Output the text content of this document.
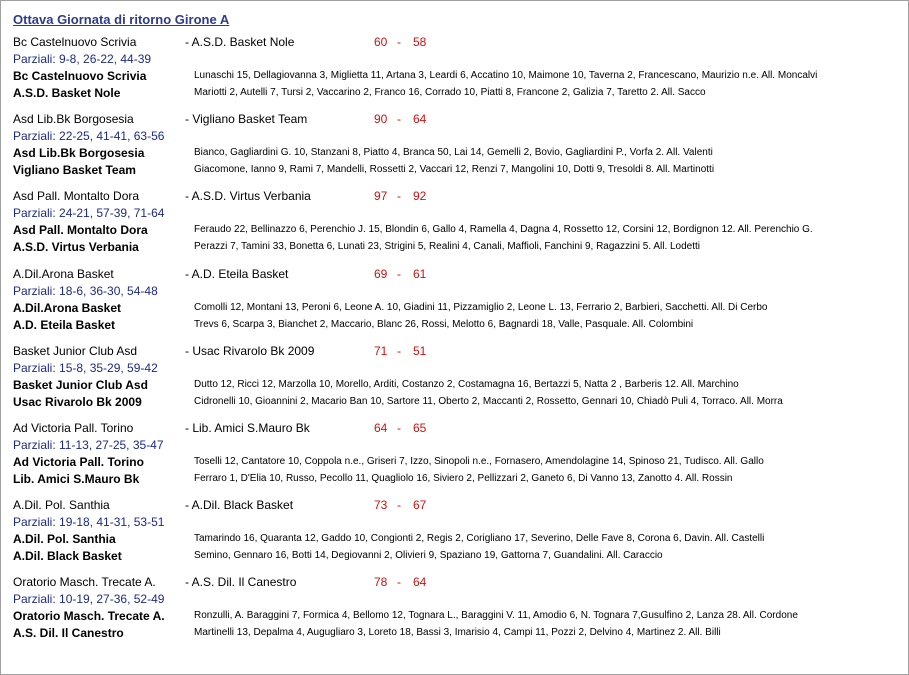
Ottava Giornata di ritorno Girone A
Bc Castelnuovo Scrivia	- A.S.D. Basket Nole	60 - 58
Parziali: 9-8, 26-22, 44-39
Bc Castelnuovo Scrivia	Lunaschi 15, Dellagiovanna 3, Miglietta 11, Artana 3, Leardi 6, Accatino 10, Maimone 10, Taverna 2, Francescano, Maurizio n.e. All. Moncalvi
A.S.D. Basket Nole	Mariotti 2, Autelli 7, Tursi 2, Vaccarino 2, Franco 16, Corrado 10, Piatti 8, Francone 2, Galizia 7, Taretto 2. All. Sacco
Asd Lib.Bk Borgosesia	- Vigliano Basket Team	90 - 64
Parziali: 22-25, 41-41, 63-56
Asd Lib.Bk Borgosesia	Bianco, Gagliardini G. 10, Stanzani 8, Piatto 4, Branca 50, Lai 14, Gemelli 2, Bovio, Gagliardini P., Vorfa 2. All. Valenti
Vigliano Basket Team	Giacomone, Ianno 9, Rami 7, Mandelli, Rossetti 2, Vaccari 12, Renzi 7, Mangolini 10, Dotti 9, Tresoldi 8. All. Martinotti
Asd Pall. Montalto Dora	- A.S.D. Virtus Verbania	97 - 92
Parziali: 24-21, 57-39, 71-64
Asd Pall. Montalto Dora	Feraudo 22, Bellinazzo 6, Perenchio J. 15, Blondin 6, Gallo 4, Ramella 4, Dagna 4, Rossetto 12, Corsini 12, Bordignon 12. All. Perenchio G.
A.S.D. Virtus Verbania	Perazzi 7, Tamini 33, Bonetta 6, Lunati 23, Strigini 5, Realini 4, Canali, Maffioli, Fanchini 9, Ragazzini 5. All. Lodetti
A.Dil.Arona Basket	- A.D. Eteila Basket	69 - 61
Parziali: 18-6, 36-30, 54-48
A.Dil.Arona Basket	Comolli 12, Montani 13, Peroni 6, Leone A. 10, Giadini 11, Pizzamiglio 2, Leone L. 13, Ferrario 2, Barbieri, Sacchetti. All. Di Cerbo
A.D. Eteila Basket	Trevs 6, Scarpa 3, Bianchet 2, Maccario, Blanc 26, Rossi, Melotto 6, Bagnardi 18, Valle, Pasquale. All. Colombini
Basket Junior Club Asd	- Usac Rivarolo Bk 2009	71 - 51
Parziali: 15-8, 35-29, 59-42
Basket Junior Club Asd	Dutto 12, Ricci 12, Marzolla 10, Morello, Arditi, Costanzo 2, Costamagna 16, Bertazzi 5, Natta 2 , Barberis 12. All. Marchino
Usac Rivarolo Bk 2009	Cidronelli 10, Gioannini 2, Macario Ban 10, Sartore 11, Oberto 2, Maccanti 2, Rossetto, Gennari 10, Chiadò Puli 4, Torraco. All. Morra
Ad Victoria Pall. Torino	- Lib. Amici S.Mauro Bk	64 - 65
Parziali: 11-13, 27-25, 35-47
Ad Victoria Pall. Torino	Toselli 12, Cantatore 10, Coppola n.e., Griseri 7, Izzo, Sinopoli n.e., Fornasero, Amendolagine 14, Spinoso 21, Tudisco. All. Gallo
Lib. Amici S.Mauro Bk	Ferraro 1, D'Elia 10, Russo, Pecollo 11, Quagliolo 16, Siviero 2, Pellizzari 2, Ganeto 6, Di Vanno 13, Zanotto 4. All. Rossin
A.Dil. Pol. Santhia	- A.Dil. Black Basket	73 - 67
Parziali: 19-18, 41-31, 53-51
A.Dil. Pol. Santhia	Tamarindo 16, Quaranta 12, Gaddo 10, Congionti 2, Regis 2, Corigliano 17, Severino, Delle Fave 8, Corona 6, Davin. All. Castelli
A.Dil. Black Basket	Semino, Gennaro 16, Botti 14, Degiovanni 2, Olivieri 9, Spaziano 19, Gattorna 7, Guandalini. All. Caraccio
Oratorio Masch. Trecate A. - A.S. Dil. Il Canestro	78 - 64
Parziali: 10-19, 27-36, 52-49
Oratorio Masch. Trecate A.	Ronzulli, A. Baraggini 7, Formica 4, Bellomo 12, Tognara L., Baraggini V. 11, Amodio 6, N. Tognara 7,Gusulfino 2, Lanza 28. All. Cordone
A.S. Dil. Il Canestro	Martinelli 13, Depalma 4, Augugliaro 3, Loreto 18, Bassi 3, Imarisio 4, Campi 11, Pozzi 2, Delvino 4, Martinez 2. All. Billi
